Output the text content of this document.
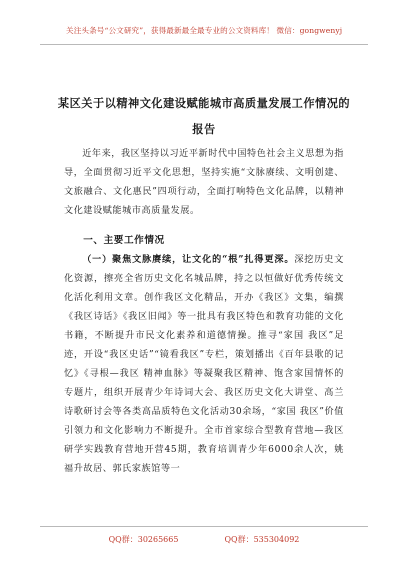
关注头条号“公文研究”，获得最新最全最专业的公文资料库！ 微信：gongwenyj
某区关于以精神文化建设赋能城市高质量发展工作情况的
报告

近年来，我区坚持以习近平新时代中国特色社会主义思想为指导，全面贯彻习近平文化思想，坚持实施“文脉赓续、文明创建、文旅融合、文化惠民”四项行动，全面打响特色文化品牌，以精神文化建设赋能城市高质量发展。

一、主要工作情况

（一）聚焦文脉赓续，让文化的“根”扎得更深。深挖历史文化资源，擦亮全省历史文化名城品牌，持之以恒做好优秀传统文化活化利用文章。创作我区文化精品，开办《我区》文集，编撰《我区诗话》《我区旧闻》等一批具有我区特色和教育功能的文化书籍，不断提升市民文化素养和道德情操。推寻“家国 我区”足迹，开设“我区史话”“镜看我区”专栏，策划播出《百年县歌的记忆》《寻根—我区 精神血脉》等凝聚我区精神、饱含家国情怀的专题片，组织开展青少年诗词大会、我区历史文化大讲堂、高兰诗歌研讨会等各类高品质特色文化活动30余场，“家国 我区”价值引领力和文化影响力不断提升。全市首家综合型教育营地—我区研学实践教育营地开营45期，教育培训青少年6000余人次，姚福升故居、郭氏家族馆等一

QQ群：30265665	QQ群：535304092
